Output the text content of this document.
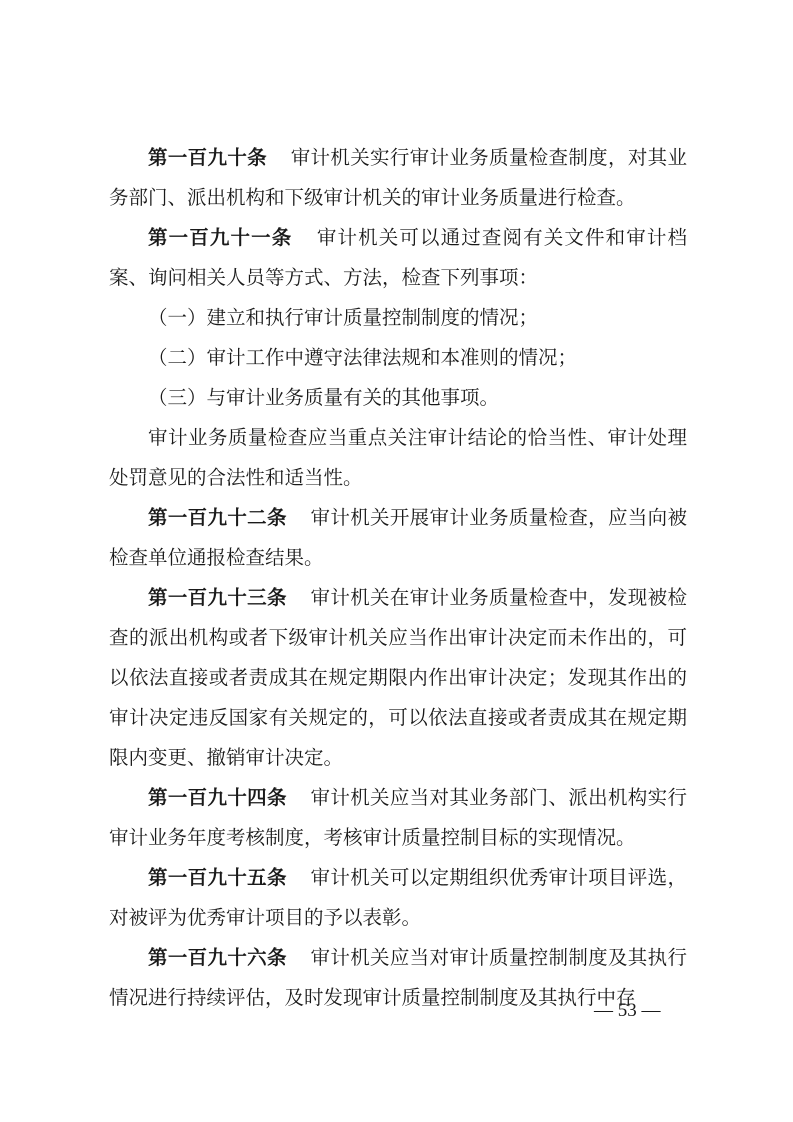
第一百九十条 审计机关实行审计业务质量检查制度，对其业务部门、派出机构和下级审计机关的审计业务质量进行检查。

第一百九十一条 审计机关可以通过查阅有关文件和审计档案、询问相关人员等方式、方法，检查下列事项：

（一）建立和执行审计质量控制制度的情况；

（二）审计工作中遵守法律法规和本准则的情况；

（三）与审计业务质量有关的其他事项。

审计业务质量检查应当重点关注审计结论的恰当性、审计处理处罚意见的合法性和适当性。

第一百九十二条 审计机关开展审计业务质量检查，应当向被检查单位通报检查结果。

第一百九十三条 审计机关在审计业务质量检查中，发现被检查的派出机构或者下级审计机关应当作出审计决定而未作出的，可以依法直接或者责成其在规定期限内作出审计决定；发现其作出的审计决定违反国家有关规定的，可以依法直接或者责成其在规定期限内变更、撤销审计决定。

第一百九十四条 审计机关应当对其业务部门、派出机构实行审计业务年度考核制度，考核审计质量控制目标的实现情况。

第一百九十五条 审计机关可以定期组织优秀审计项目评选，对被评为优秀审计项目的予以表彰。

第一百九十六条 审计机关应当对审计质量控制制度及其执行情况进行持续评估，及时发现审计质量控制制度及其执行中存

— 53 —
